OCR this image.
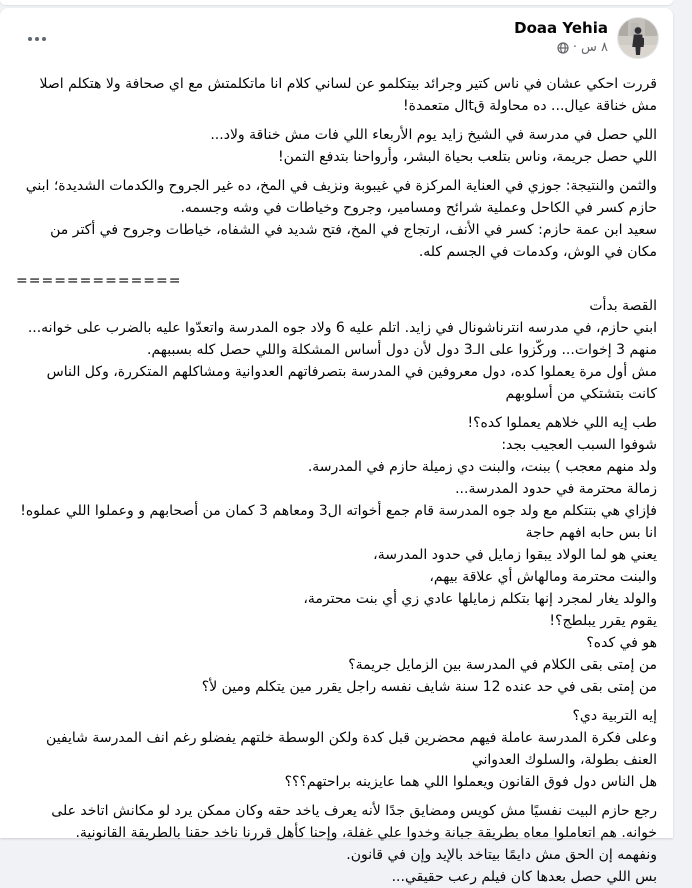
Doaa Yehia
٨ س
·
قررت احكي عشان في ناس كتير وجرائد بيتكلمو عن لساني كلام انا ماتكلمتش مع اي صحافة ولا هتكلم اصلا مش خناقة عيال... ده محاولة قtال متعمدة!
اللي حصل في مدرسة في الشيخ زايد يوم الأربعاء اللي فات مش خناقة ولاد...
اللي حصل جريمة، وناس بتلعب بحياة البشر، وأرواحنا بتدفع التمن!
والثمن والنتيجة: جوزي في العناية المركزة في غيبوبة ونزيف في المخ، ده غير الجروح والكدمات الشديدة؛ ابني حازم كسر في الكاحل وعملية شرائح ومسامير، وجروح وخياطات في وشه وجسمه.
سعيد ابن عمة حازم: كسر في الأنف، ارتجاج في المخ، فتح شديد في الشفاه، خياطات وجروح في أكتر من مكان في الوش، وكدمات في الجسم كله.
=============
القصة بدأت
ابني حازم، في مدرسه انترناشونال في زايد. اتلم عليه 6 ولاد جوه المدرسة واتعدّوا عليه بالضرب على خوانه...
منهم 3 إخوات... وركّزوا على الـ3 دول لأن دول أساس المشكلة واللي حصل كله بسببهم.
مش أول مرة يعملوا كده، دول معروفين في المدرسة بتصرفاتهم العدوانية ومشاكلهم المتكررة، وكل الناس كانت بتشتكي من أسلوبهم
طب إيه اللي خلاهم يعملوا كده؟!
شوفوا السبب العجيب بجد:
ولد منهم معجب ) ببنت، والبنت دي زميلة حازم في المدرسة.
زمالة محترمة في حدود المدرسة...
فإزاي هي بتتكلم مع ولد جوه المدرسة قام جمع أخواته ال3 ومعاهم 3 كمان من أصحابهم و وعملوا اللي عملوه!
انا بس حابه افهم حاجة
يعني هو لما الولاد يبقوا زمايل في حدود المدرسة،
والبنت محترمة ومالهاش أي علاقة بيهم،
والولد يغار لمجرد إنها بتكلم زمايلها عادي زي أي بنت محترمة،
يقوم يقرر يبلطج؟!
هو في كده؟
من إمتى بقى الكلام في المدرسة بين الزمايل جريمة؟
من إمتى بقى في حد عنده 12 سنة شايف نفسه راجل يقرر مين يتكلم ومين لأ؟
إيه التربية دي؟
وعلى فكرة المدرسة عاملة فيهم محضرين قبل كدة ولكن الوسطة خلتهم يفضلو رغم انف المدرسة شايفين العنف بطولة، والسلوك العدواني
هل الناس دول فوق القانون ويعملوا اللي هما عايزينه براحتهم؟؟؟
رجع حازم البيت نفسيًا مش كويس ومضايق جدًا لأنه يعرف ياخد حقه وكان ممكن يرد لو مكانش اتاخد على خوانه. هم اتعاملوا معاه بطريقة جبانة وخدوا علي غفلة، وإحنا كأهل قررنا ناخد حقنا بالطريقة القانونية.
ونفهمه إن الحق مش دايمًا بيتاخد بالإيد وإن في قانون.
بس اللي حصل بعدها كان فيلم رعب حقيقي...
